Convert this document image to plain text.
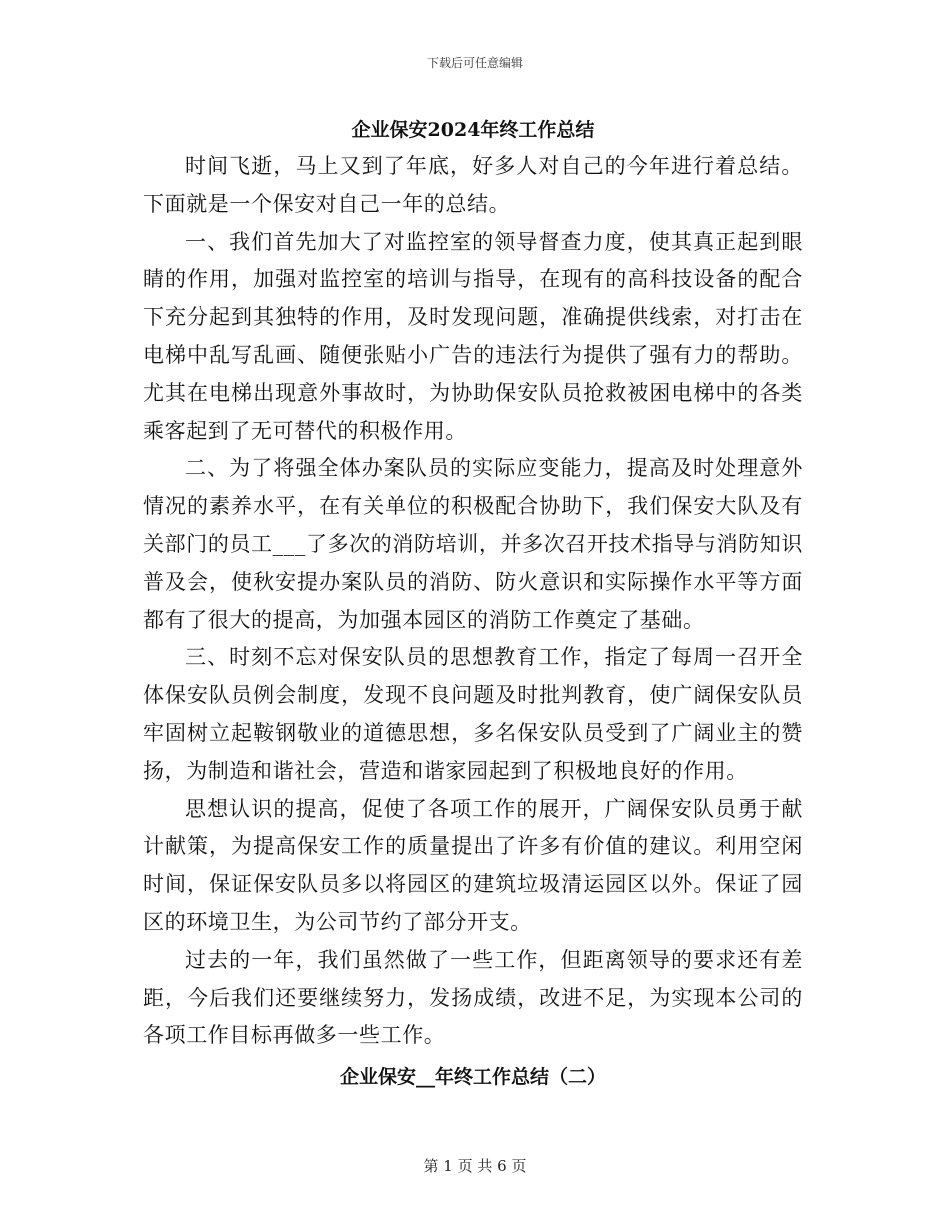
下载后可任意编辑
企业保安2024年终工作总结

时间飞逝，马上又到了年底，好多人对自己的今年进行着总结。下面就是一个保安对自己一年的总结。

一、我们首先加大了对监控室的领导督查力度，使其真正起到眼睛的作用，加强对监控室的培训与指导，在现有的高科技设备的配合下充分起到其独特的作用，及时发现问题，准确提供线索，对打击在电梯中乱写乱画、随便张贴小广告的违法行为提供了强有力的帮助。尤其在电梯出现意外事故时，为协助保安队员抢救被困电梯中的各类乘客起到了无可替代的积极作用。

二、为了将强全体办案队员的实际应变能力，提高及时处理意外情况的素养水平，在有关单位的积极配合协助下，我们保安大队及有关部门的员工___了多次的消防培训，并多次召开技术指导与消防知识普及会，使秋安提办案队员的消防、防火意识和实际操作水平等方面都有了很大的提高，为加强本园区的消防工作奠定了基础。

三、时刻不忘对保安队员的思想教育工作，指定了每周一召开全体保安队员例会制度，发现不良问题及时批判教育，使广阔保安队员牢固树立起鞍钢敬业的道德思想，多名保安队员受到了广阔业主的赞扬，为制造和谐社会，营造和谐家园起到了积极地良好的作用。

思想认识的提高，促使了各项工作的展开，广阔保安队员勇于献计献策，为提高保安工作的质量提出了许多有价值的建议。利用空闲时间，保证保安队员多以将园区的建筑垃圾清运园区以外。保证了园区的环境卫生，为公司节约了部分开支。

过去的一年，我们虽然做了一些工作，但距离领导的要求还有差距，今后我们还要继续努力，发扬成绩，改进不足，为实现本公司的各项工作目标再做多一些工作。

企业保安__年终工作总结（二）
第 1 页 共 6 页
